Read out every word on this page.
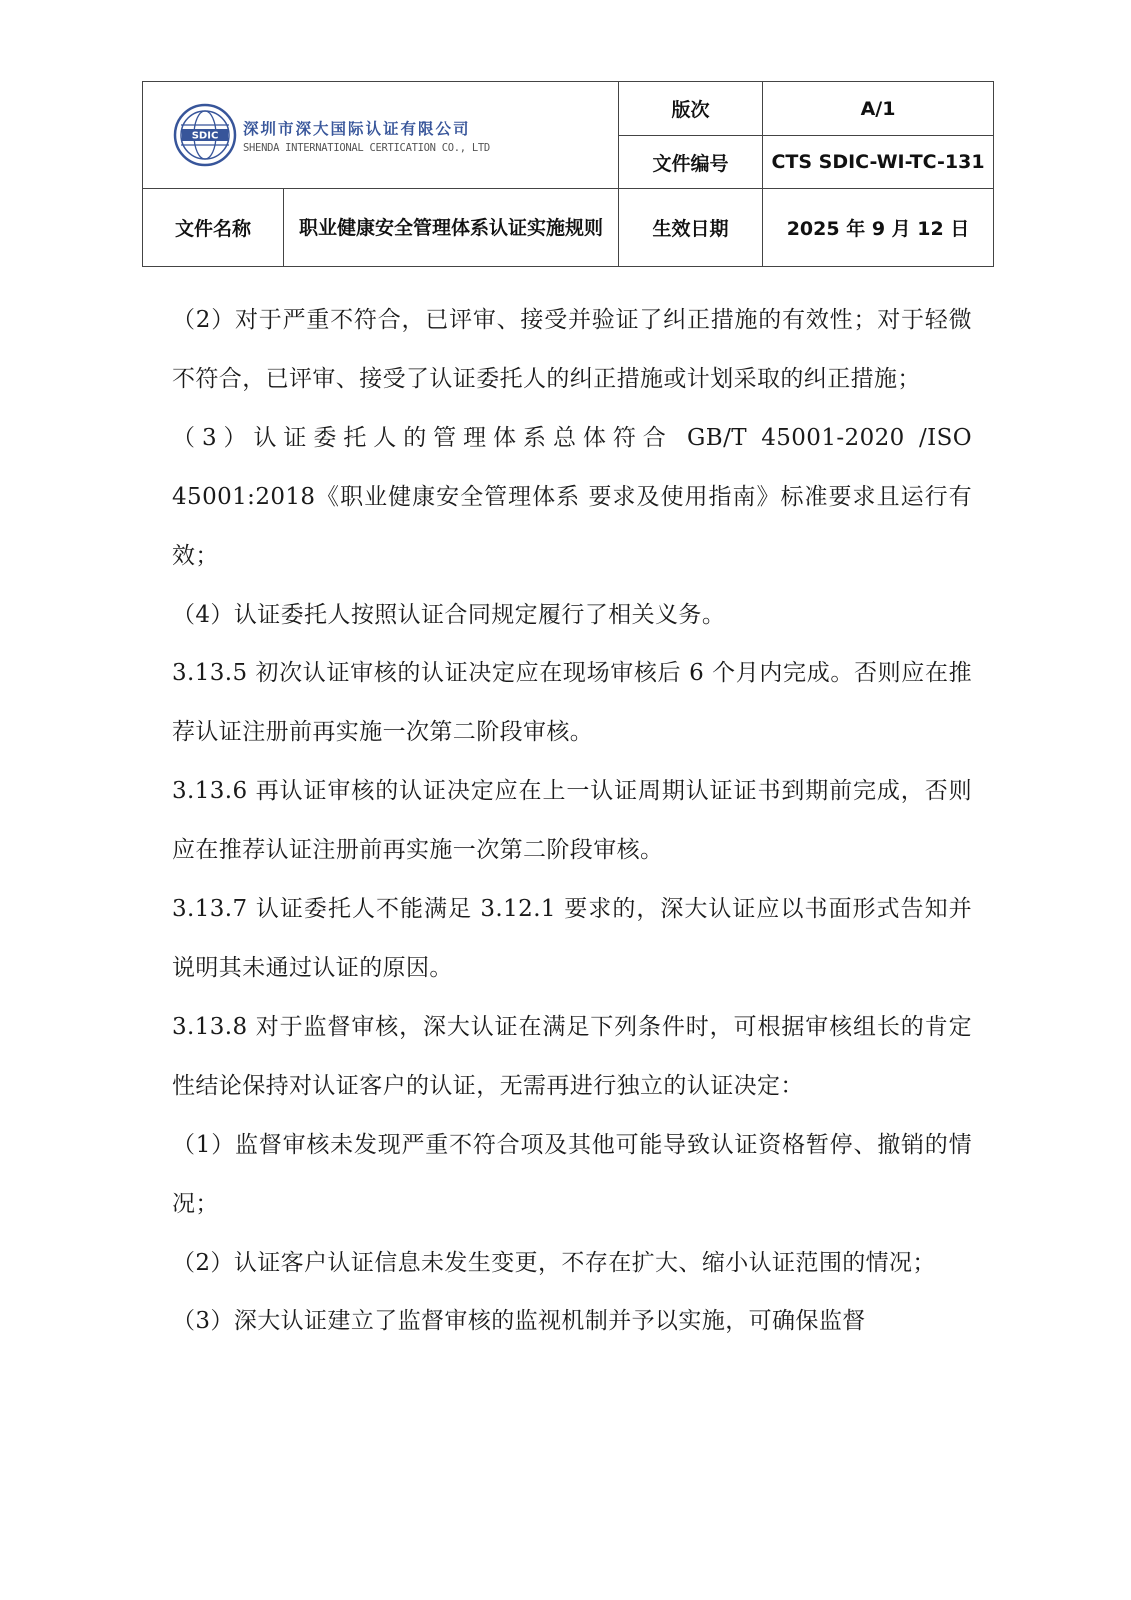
SDIC 深圳市深大国际认证有限公司
SHENDA INTERNATIONAL CERTICATION CO., LTD		版次	A/1
		文件编号	CTS SDIC-WI-TC-131
文件名称	职业健康安全管理体系认证实施规则	生效日期	2025 年 9 月 12 日

（2）对于严重不符合，已评审、接受并验证了纠正措施的有效性；对于轻微不符合，已评审、接受了认证委托人的纠正措施或计划采取的纠正措施；

（3）认证委托人的管理体系总体符合 GB/T 45001-2020 /ISO 45001:2018《职业健康安全管理体系 要求及使用指南》标准要求且运行有效；

（4）认证委托人按照认证合同规定履行了相关义务。

3.13.5 初次认证审核的认证决定应在现场审核后 6 个月内完成。否则应在推荐认证注册前再实施一次第二阶段审核。

3.13.6 再认证审核的认证决定应在上一认证周期认证证书到期前完成，否则应在推荐认证注册前再实施一次第二阶段审核。

3.13.7 认证委托人不能满足 3.12.1 要求的，深大认证应以书面形式告知并说明其未通过认证的原因。

3.13.8 对于监督审核，深大认证在满足下列条件时，可根据审核组长的肯定性结论保持对认证客户的认证，无需再进行独立的认证决定：

（1）监督审核未发现严重不符合项及其他可能导致认证资格暂停、撤销的情况；

（2）认证客户认证信息未发生变更，不存在扩大、缩小认证范围的情况；

（3）深大认证建立了监督审核的监视机制并予以实施，可确保监督
